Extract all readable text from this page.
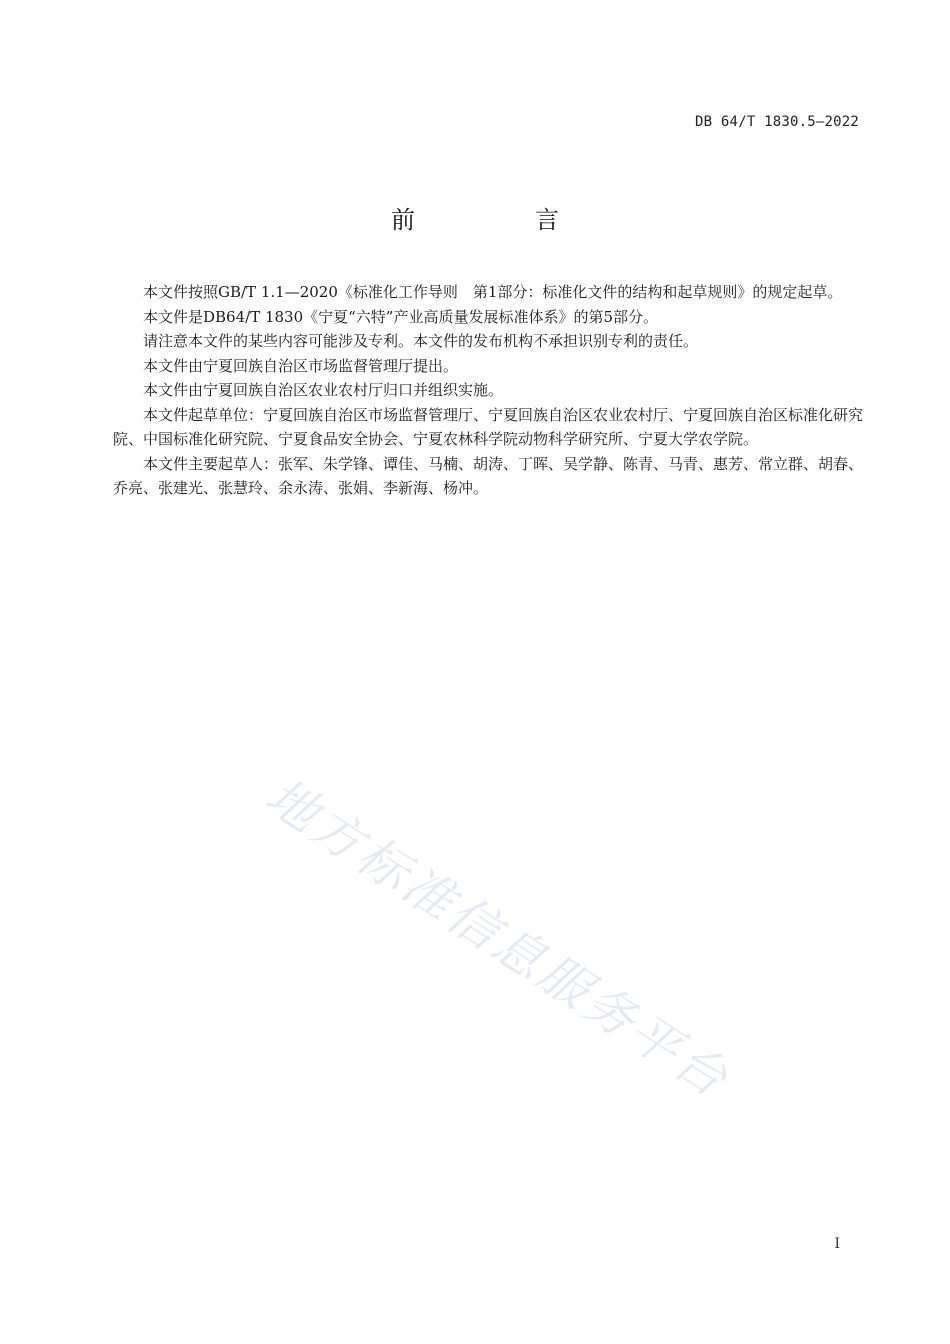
DB 64/T 1830.5—2022
前　言

本文件按照GB/T 1.1—2020《标准化工作导则　第1部分：标准化文件的结构和起草规则》的规定起草。

本文件是DB64/T 1830《宁夏“六特”产业高质量发展标准体系》的第5部分。

请注意本文件的某些内容可能涉及专利。本文件的发布机构不承担识别专利的责任。

本文件由宁夏回族自治区市场监督管理厅提出。

本文件由宁夏回族自治区农业农村厅归口并组织实施。

本文件起草单位：宁夏回族自治区市场监督管理厅、宁夏回族自治区农业农村厅、宁夏回族自治区标准化研究院、中国标准化研究院、宁夏食品安全协会、宁夏农林科学院动物科学研究所、宁夏大学农学院。

本文件主要起草人：张军、朱学锋、谭佳、马楠、胡涛、丁晖、吴学静、陈青、马青、惠芳、常立群、胡春、乔亮、张建光、张慧玲、余永涛、张娟、李新海、杨冲。

地方标准信息服务平台
I
